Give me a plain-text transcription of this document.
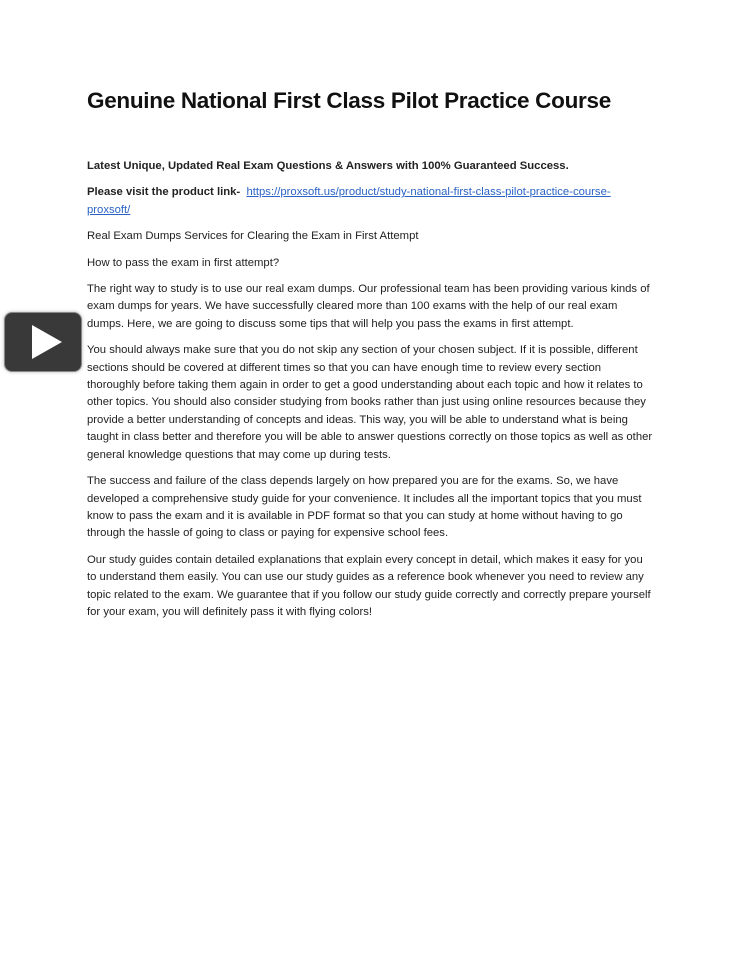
Genuine National First Class Pilot Practice Course

Latest Unique, Updated Real Exam Questions & Answers with 100% Guaranteed Success.

Please visit the product link- https://proxsoft.us/product/study-national-first-class-pilot-practice-course-proxsoft/

Real Exam Dumps Services for Clearing the Exam in First Attempt

How to pass the exam in first attempt?

The right way to study is to use our real exam dumps. Our professional team has been providing various kinds of exam dumps for years. We have successfully cleared more than 100 exams with the help of our real exam dumps. Here, we are going to discuss some tips that will help you pass the exams in first attempt.

You should always make sure that you do not skip any section of your chosen subject. If it is possible, different sections should be covered at different times so that you can have enough time to review every section thoroughly before taking them again in order to get a good understanding about each topic and how it relates to other topics. You should also consider studying from books rather than just using online resources because they provide a better understanding of concepts and ideas. This way, you will be able to understand what is being taught in class better and therefore you will be able to answer questions correctly on those topics as well as other general knowledge questions that may come up during tests.

The success and failure of the class depends largely on how prepared you are for the exams. So, we have developed a comprehensive study guide for your convenience. It includes all the important topics that you must know to pass the exam and it is available in PDF format so that you can study at home without having to go through the hassle of going to class or paying for expensive school fees.

Our study guides contain detailed explanations that explain every concept in detail, which makes it easy for you to understand them easily. You can use our study guides as a reference book whenever you need to review any topic related to the exam. We guarantee that if you follow our study guide correctly and correctly prepare yourself for your exam, you will definitely pass it with flying colors!
